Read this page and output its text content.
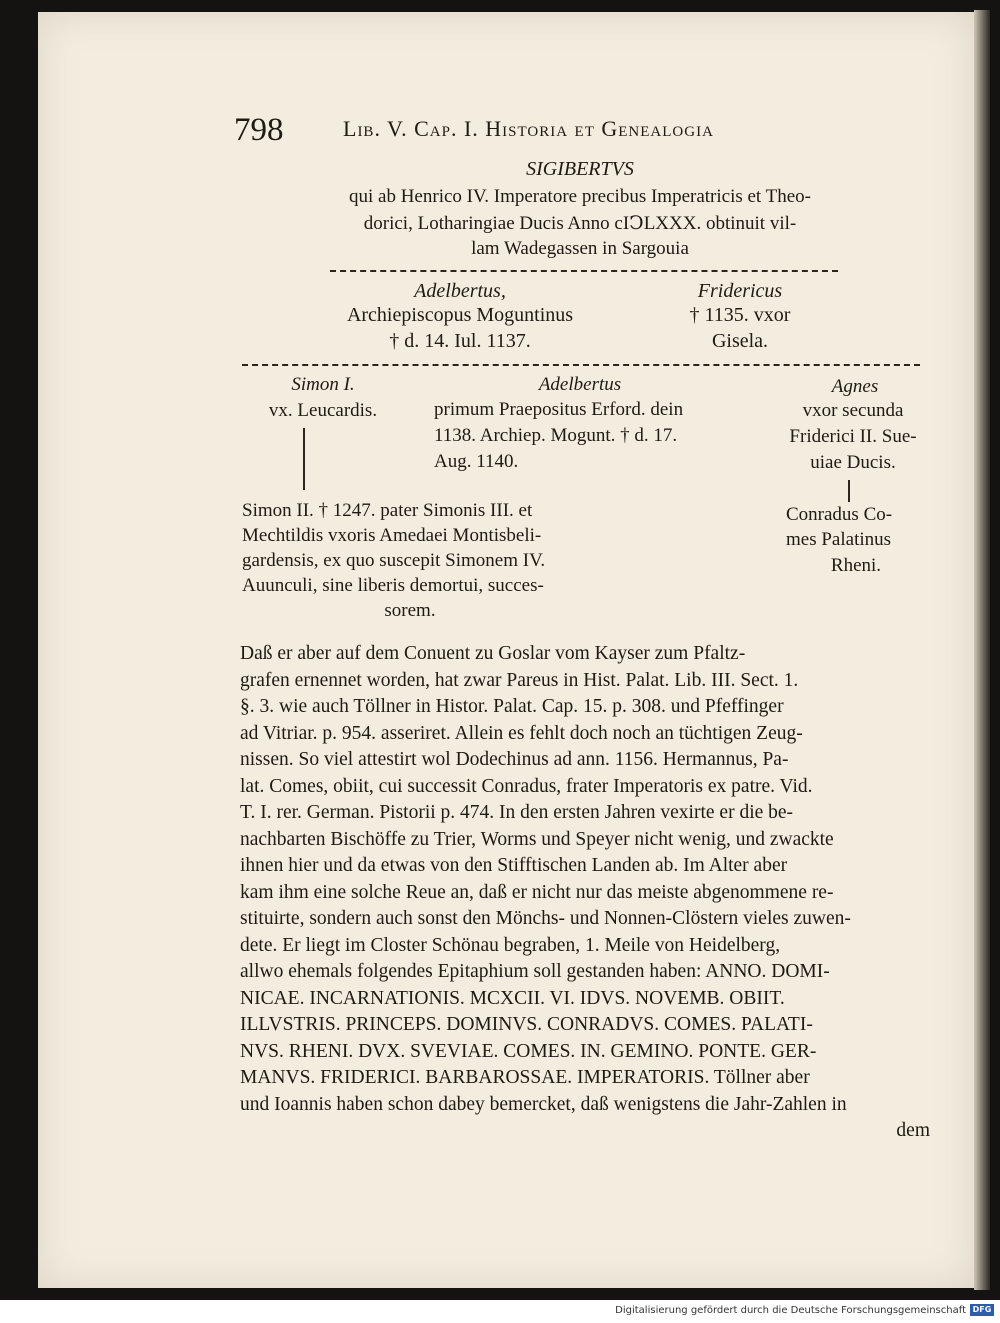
798	Lib. V. Cap. I. Historia et Genealogia
SIGIBERTVS
qui ab Henrico IV. Imperatore precibus Imperatricis et Theo-
dorici, Lotharingiae Ducis Anno cIↃLXXX. obtinuit vil-
lam Wadegassen in Sargouia
Adelbertus,
Archiepiscopus Moguntinus
† d. 14. Iul. 1137.
Fridericus
† 1135. vxor
Gisela.
Simon I.
vx. Leucardis.
Adelbertus
primum Praepositus Erford. dein
1138. Archiep. Mogunt. † d. 17.
Aug. 1140.
Agnes
vxor secunda
Friderici II. Sue-
uiae Ducis.
Simon II. † 1247. pater Simonis III. et
Mechtildis vxoris Amedaei Montisbeli-
gardensis, ex quo suscepit Simonem IV.
Auunculi, sine liberis demortui, succes-
sorem.
Conradus Co-
mes Palatinus
Rheni.
Daß er aber auf dem Conuent zu Goslar vom Kayser zum Pfaltz-
grafen ernennet worden, hat zwar Pareus in Hist. Palat. Lib. III. Sect. 1.
§. 3. wie auch Töllner in Histor. Palat. Cap. 15. p. 308. und Pfeffinger
ad Vitriar. p. 954. asseriret. Allein es fehlt doch noch an tüchtigen Zeug-
nissen. So viel attestirt wol Dodechinus ad ann. 1156. Hermannus, Pa-
lat. Comes, obiit, cui successit Conradus, frater Imperatoris ex patre. Vid.
T. I. rer. German. Pistorii p. 474. In den ersten Jahren vexirte er die be-
nachbarten Bischöffe zu Trier, Worms und Speyer nicht wenig, und zwackte
ihnen hier und da etwas von den Stifftischen Landen ab. Im Alter aber
kam ihm eine solche Reue an, daß er nicht nur das meiste abgenommene re-
stituirte, sondern auch sonst den Mönchs- und Nonnen-Clöstern vieles zuwen-
dete. Er liegt im Closter Schönau begraben, 1. Meile von Heidelberg,
allwo ehemals folgendes Epitaphium soll gestanden haben: ANNO. DOMI-
NICAE. INCARNATIONIS. MCXCII. VI. IDVS. NOVEMB. OBIIT.
ILLVSTRIS. PRINCEPS. DOMINVS. CONRADVS. COMES. PALATI-
NVS. RHENI. DVX. SVEVIAE. COMES. IN. GEMINO. PONTE. GER-
MANVS. FRIDERICI. BARBAROSSAE. IMPERATORIS. Töllner aber
und Ioannis haben schon dabey bemercket, daß wenigstens die Jahr-Zahlen in
dem
Digitalisierung gefördert durch die Deutsche Forschungsgemeinschaft DFG
